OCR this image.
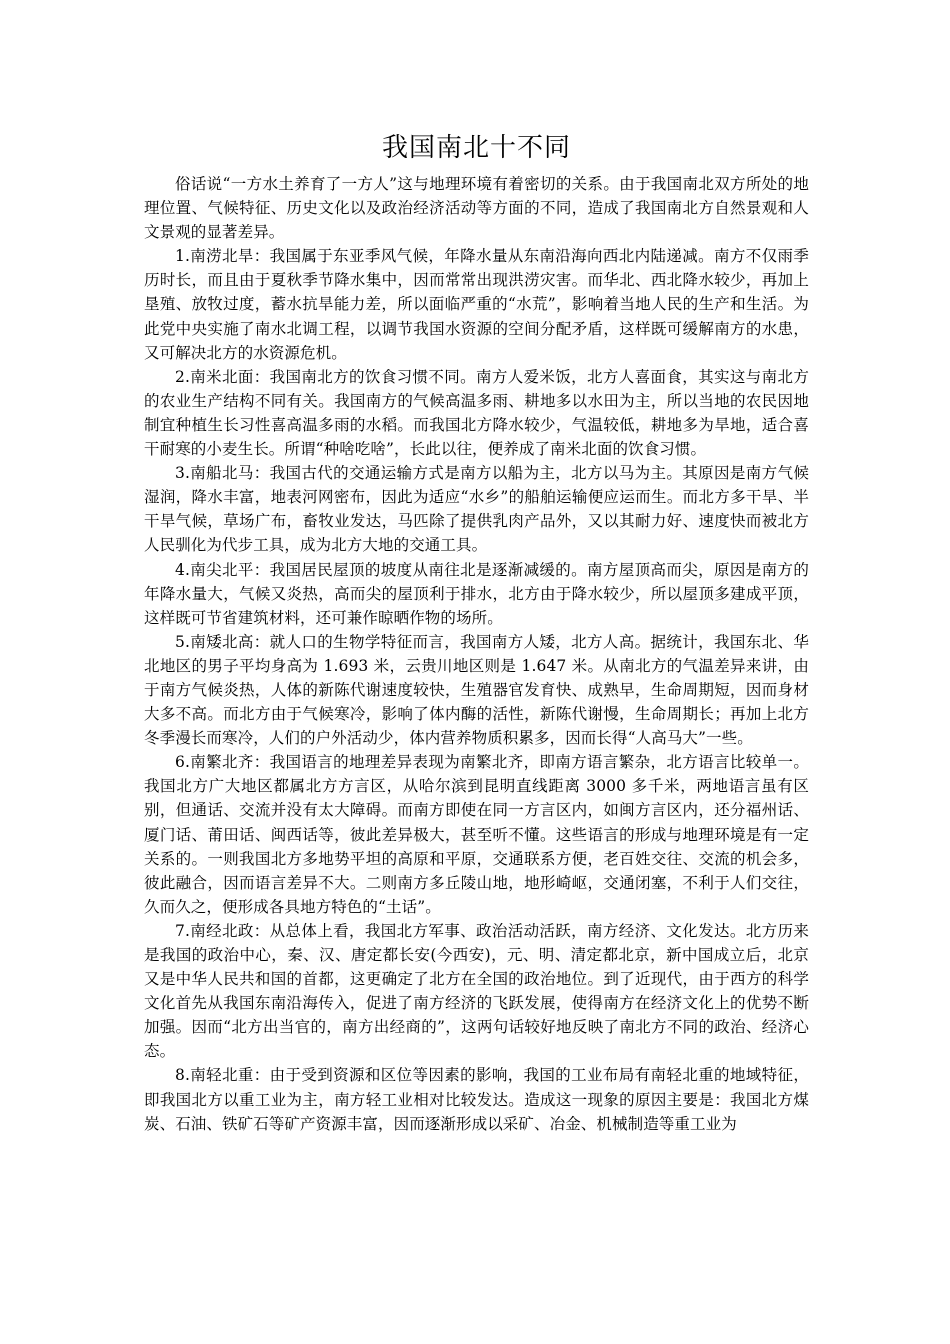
我国南北十不同

俗话说“一方水土养育了一方人”这与地理环境有着密切的关系。由于我国南北双方所处的地理位置、气候特征、历史文化以及政治经济活动等方面的不同，造成了我国南北方自然景观和人文景观的显著差异。

1.南涝北旱：我国属于东亚季风气候，年降水量从东南沿海向西北内陆递减。南方不仅雨季历时长，而且由于夏秋季节降水集中，因而常常出现洪涝灾害。而华北、西北降水较少，再加上垦殖、放牧过度，蓄水抗旱能力差，所以面临严重的“水荒”，影响着当地人民的生产和生活。为此党中央实施了南水北调工程，以调节我国水资源的空间分配矛盾，这样既可缓解南方的水患，又可解决北方的水资源危机。

2.南米北面：我国南北方的饮食习惯不同。南方人爱米饭，北方人喜面食，其实这与南北方的农业生产结构不同有关。我国南方的气候高温多雨、耕地多以水田为主，所以当地的农民因地制宜种植生长习性喜高温多雨的水稻。而我国北方降水较少，气温较低，耕地多为旱地，适合喜干耐寒的小麦生长。所谓“种啥吃啥”，长此以往，便养成了南米北面的饮食习惯。

3.南船北马：我国古代的交通运输方式是南方以船为主，北方以马为主。其原因是南方气候湿润，降水丰富，地表河网密布，因此为适应“水乡”的船舶运输便应运而生。而北方多干旱、半干旱气候，草场广布，畜牧业发达，马匹除了提供乳肉产品外，又以其耐力好、速度快而被北方人民驯化为代步工具，成为北方大地的交通工具。

4.南尖北平：我国居民屋顶的坡度从南往北是逐渐减缓的。南方屋顶高而尖，原因是南方的年降水量大，气候又炎热，高而尖的屋顶利于排水，北方由于降水较少，所以屋顶多建成平顶，这样既可节省建筑材料，还可兼作晾晒作物的场所。

5.南矮北高：就人口的生物学特征而言，我国南方人矮，北方人高。据统计，我国东北、华北地区的男子平均身高为 1.693 米，云贵川地区则是 1.647 米。从南北方的气温差异来讲，由于南方气候炎热，人体的新陈代谢速度较快，生殖器官发育快、成熟早，生命周期短，因而身材大多不高。而北方由于气候寒冷，影响了体内酶的活性，新陈代谢慢，生命周期长；再加上北方冬季漫长而寒冷，人们的户外活动少，体内营养物质积累多，因而长得“人高马大”一些。

6.南繁北齐：我国语言的地理差异表现为南繁北齐，即南方语言繁杂，北方语言比较单一。我国北方广大地区都属北方方言区，从哈尔滨到昆明直线距离 3000 多千米，两地语言虽有区别，但通话、交流并没有太大障碍。而南方即使在同一方言区内，如闽方言区内，还分福州话、厦门话、莆田话、闽西话等，彼此差异极大，甚至听不懂。这些语言的形成与地理环境是有一定关系的。一则我国北方多地势平坦的高原和平原，交通联系方便，老百姓交往、交流的机会多，彼此融合，因而语言差异不大。二则南方多丘陵山地，地形崎岖，交通闭塞，不利于人们交往，久而久之，便形成各具地方特色的“土话”。

7.南经北政：从总体上看，我国北方军事、政治活动活跃，南方经济、文化发达。北方历来是我国的政治中心，秦、汉、唐定都长安(今西安)，元、明、清定都北京，新中国成立后，北京又是中华人民共和国的首都，这更确定了北方在全国的政治地位。到了近现代，由于西方的科学文化首先从我国东南沿海传入，促进了南方经济的飞跃发展，使得南方在经济文化上的优势不断加强。因而“北方出当官的，南方出经商的”，这两句话较好地反映了南北方不同的政治、经济心态。

8.南轻北重：由于受到资源和区位等因素的影响，我国的工业布局有南轻北重的地域特征，即我国北方以重工业为主，南方轻工业相对比较发达。造成这一现象的原因主要是：我国北方煤炭、石油、铁矿石等矿产资源丰富，因而逐渐形成以采矿、冶金、机械制造等重工业为
